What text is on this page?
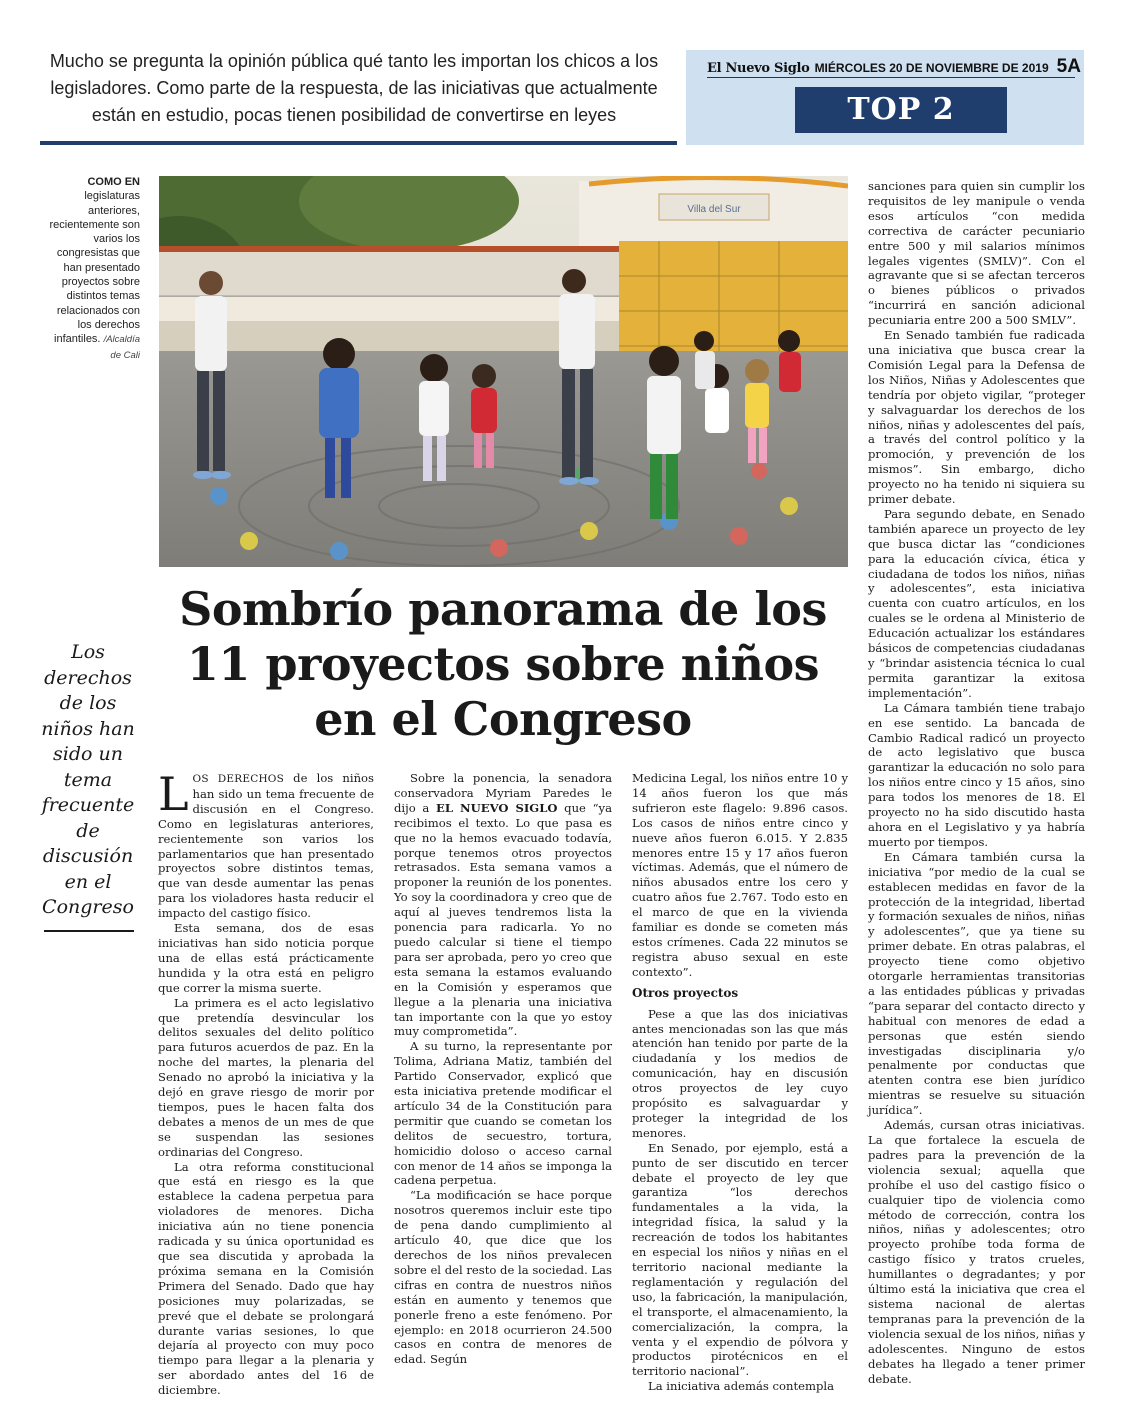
Mucho se pregunta la opinión pública qué tanto les importan los chicos a los legisladores. Como parte de la respuesta, de las iniciativas que actualmente están en estudio, pocas tienen posibilidad de convertirse en leyes
El Nuevo Siglo MIÉRCOLES 20 DE NOVIEMBRE DE 2019 5A
TOP 2
COMO EN
legislaturas anteriores, recientemente son varios los congresistas que han presentado proyectos sobre distintos temas relacionados con los derechos infantiles. /Alcaldía de Cali
Villa del Sur
Sombrío panorama de los 11 proyectos sobre niños en el Congreso
Los derechos de los niños han sido un tema frecuente de discusión en el Congreso

LOS DERECHOS de los niños han sido un tema frecuente de discusión en el Congreso. Como en legislaturas anteriores, recientemente son varios los parlamentarios que han presentado proyectos sobre distintos temas, que van desde aumentar las penas para los violadores hasta reducir el impacto del castigo físico.

Esta semana, dos de esas iniciativas han sido noticia porque una de ellas está prácticamente hundida y la otra está en peligro que correr la misma suerte.

La primera es el acto legislativo que pretendía desvincular los delitos sexuales del delito político para futuros acuerdos de paz. En la noche del martes, la plenaria del Senado no aprobó la iniciativa y la dejó en grave riesgo de morir por tiempos, pues le hacen falta dos debates a menos de un mes de que se suspendan las sesiones ordinarias del Congreso.

La otra reforma constitucional que está en riesgo es la que establece la cadena perpetua para violadores de menores. Dicha iniciativa aún no tiene ponencia radicada y su única oportunidad es que sea discutida y aprobada la próxima semana en la Comisión Primera del Senado. Dado que hay posiciones muy polarizadas, se prevé que el debate se prolongará durante varias sesiones, lo que dejaría al proyecto con muy poco tiempo para llegar a la plenaria y ser abordado antes del 16 de diciembre.

Sobre la ponencia, la senadora conservadora Myriam Paredes le dijo a EL NUEVO SIGLO que “ya recibimos el texto. Lo que pasa es que no la hemos evacuado todavía, porque tenemos otros proyectos retrasados. Esta semana vamos a proponer la reunión de los ponentes. Yo soy la coordinadora y creo que de aquí al jueves tendremos lista la ponencia para radicarla. Yo no puedo calcular si tiene el tiempo para ser aprobada, pero yo creo que esta semana la estamos evaluando en la Comisión y esperamos que llegue a la plenaria una iniciativa tan importante con la que yo estoy muy comprometida”.

A su turno, la representante por Tolima, Adriana Matiz, también del Partido Conservador, explicó que esta iniciativa pretende modificar el artículo 34 de la Constitución para permitir que cuando se cometan los delitos de secuestro, tortura, homicidio doloso o acceso carnal con menor de 14 años se imponga la cadena perpetua.

“La modificación se hace porque nosotros queremos incluir este tipo de pena dando cumplimiento al artículo 40, que dice que los derechos de los niños prevalecen sobre el del resto de la sociedad. Las cifras en contra de nuestros niños están en aumento y tenemos que ponerle freno a este fenómeno. Por ejemplo: en 2018 ocurrieron 24.500 casos en contra de menores de edad. Según

Medicina Legal, los niños entre 10 y 14 años fueron los que más sufrieron este flagelo: 9.896 casos. Los casos de niños entre cinco y nueve años fueron 6.015. Y 2.835 menores entre 15 y 17 años fueron víctimas. Además, que el número de niños abusados entre los cero y cuatro años fue 2.767. Todo esto en el marco de que en la vivienda familiar es donde se cometen más estos crímenes. Cada 22 minutos se registra abuso sexual en este contexto”.

Otros proyectos

Pese a que las dos iniciativas antes mencionadas son las que más atención han tenido por parte de la ciudadanía y los medios de comunicación, hay en discusión otros proyectos de ley cuyo propósito es salvaguardar y proteger la integridad de los menores.

En Senado, por ejemplo, está a punto de ser discutido en tercer debate el proyecto de ley que garantiza “los derechos fundamentales a la vida, la integridad física, la salud y la recreación de todos los habitantes en especial los niños y niñas en el territorio nacional mediante la reglamentación y regulación del uso, la fabricación, la manipulación, el transporte, el almacenamiento, la comercialización, la compra, la venta y el expendio de pólvora y productos pirotécnicos en el territorio nacional”.

La iniciativa además contempla

sanciones para quien sin cumplir los requisitos de ley manipule o venda esos artículos “con medida correctiva de carácter pecuniario entre 500 y mil salarios mínimos legales vigentes (SMLV)”. Con el agravante que si se afectan terceros o bienes públicos o privados “incurrirá en sanción adicional pecuniaria entre 200 a 500 SMLV”.

En Senado también fue radicada una iniciativa que busca crear la Comisión Legal para la Defensa de los Niños, Niñas y Adolescentes que tendría por objeto vigilar, “proteger y salvaguardar los derechos de los niños, niñas y adolescentes del país, a través del control político y la promoción, y prevención de los mismos”. Sin embargo, dicho proyecto no ha tenido ni siquiera su primer debate.

Para segundo debate, en Senado también aparece un proyecto de ley que busca dictar las “condiciones para la educación cívica, ética y ciudadana de todos los niños, niñas y adolescentes”, esta iniciativa cuenta con cuatro artículos, en los cuales se le ordena al Ministerio de Educación actualizar los estándares básicos de competencias ciudadanas y “brindar asistencia técnica lo cual permita garantizar la exitosa implementación”.

La Cámara también tiene trabajo en ese sentido. La bancada de Cambio Radical radicó un proyecto de acto legislativo que busca garantizar la educación no solo para los niños entre cinco y 15 años, sino para todos los menores de 18. El proyecto no ha sido discutido hasta ahora en el Legislativo y ya habría muerto por tiempos.

En Cámara también cursa la iniciativa “por medio de la cual se establecen medidas en favor de la protección de la integridad, libertad y formación sexuales de niños, niñas y adolescentes”, que ya tiene su primer debate. En otras palabras, el proyecto tiene como objetivo otorgarle herramientas transitorias a las entidades públicas y privadas “para separar del contacto directo y habitual con menores de edad a personas que estén siendo investigadas disciplinaria y/o penalmente por conductas que atenten contra ese bien jurídico mientras se resuelve su situación jurídica”.

Además, cursan otras iniciativas. La que fortalece la escuela de padres para la prevención de la violencia sexual; aquella que prohíbe el uso del castigo físico o cualquier tipo de violencia como método de corrección, contra los niños, niñas y adolescentes; otro proyecto prohíbe toda forma de castigo físico y tratos crueles, humillantes o degradantes; y por último está la iniciativa que crea el sistema nacional de alertas tempranas para la prevención de la violencia sexual de los niños, niñas y adolescentes. Ninguno de estos debates ha llegado a tener primer debate.
